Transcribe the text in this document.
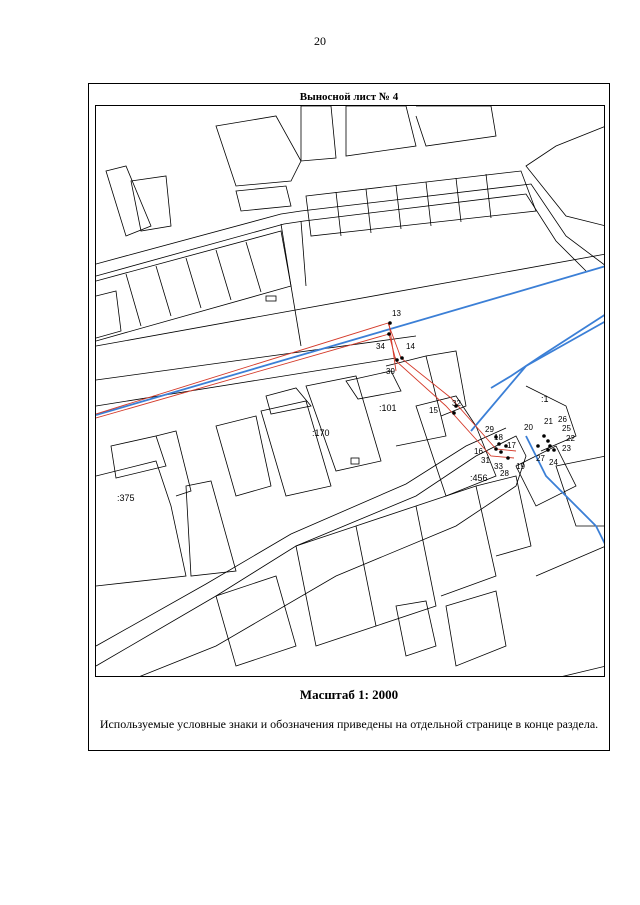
20
Выносной лист № 4
:1
:101
:170
:375
:456
13
34	14
39
15
32
29
18
16
17
31
33 19
28
20
21 26
25
22
23
27 24
Масштаб 1: 2000
Используемые условные знаки и обозначения приведены на отдельной странице в конце раздела.
